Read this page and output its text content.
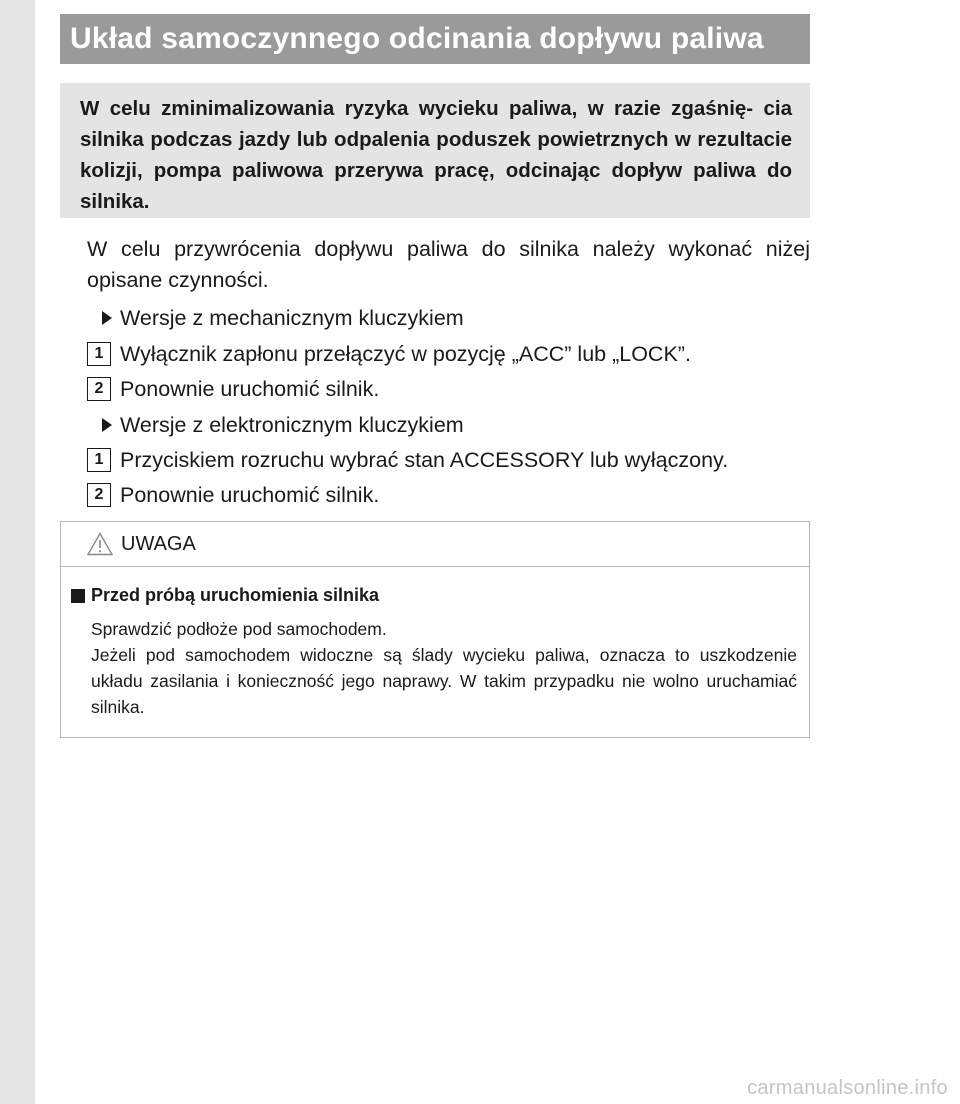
Układ samoczynnego odcinania dopływu paliwa

W celu zminimalizowania ryzyka wycieku paliwa, w razie zgaśnię- cia silnika podczas jazdy lub odpalenia poduszek powietrznych w rezultacie kolizji, pompa paliwowa przerywa pracę, odcinając dopływ paliwa do silnika.

W celu przywrócenia dopływu paliwa do silnika należy wykonać niżej opisane czynności.

Wersje z mechanicznym kluczykiem
1 Wyłącznik zapłonu przełączyć w pozycję „ACC” lub „LOCK”.
2 Ponownie uruchomić silnik.
Wersje z elektronicznym kluczykiem
1 Przyciskiem rozruchu wybrać stan ACCESSORY lub wyłączony.
2 Ponownie uruchomić silnik.
UWAGA
Przed próbą uruchomienia silnika

Sprawdzić podłoże pod samochodem.
Jeżeli pod samochodem widoczne są ślady wycieku paliwa, oznacza to uszkodzenie układu zasilania i konieczność jego naprawy. W takim przypadku nie wolno uruchamiać silnika.

carmanualsonline.info
